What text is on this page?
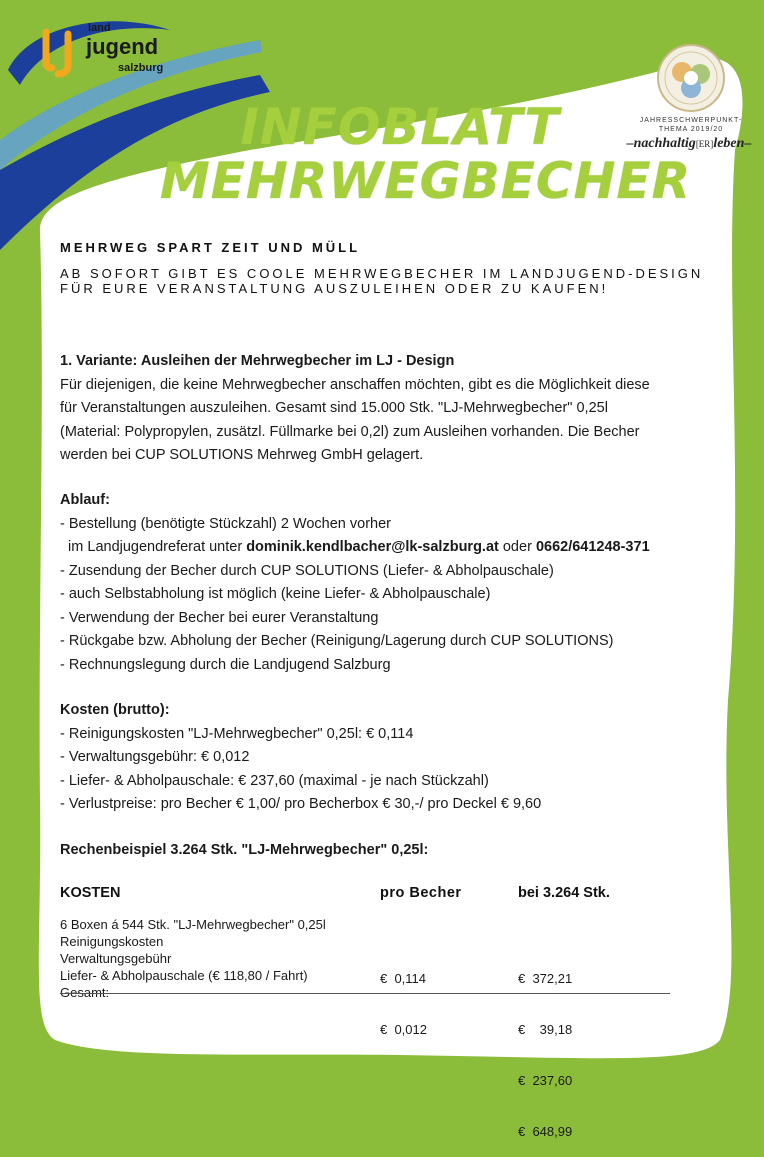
land
jugend
salzburg
INFOBLATT
MEHRWEGBECHER
JAHRESSCHWERPUNKT-
THEMA 2019/20
–nachhaltig[ER]leben–
MEHRWEG SPART ZEIT UND MÜLL
AB SOFORT GIBT ES COOLE MEHRWEGBECHER IM LANDJUGEND-DESIGN FÜR EURE VERANSTALTUNG AUSZULEIHEN ODER ZU KAUFEN!
1. Variante: Ausleihen der Mehrwegbecher im LJ - Design
Für diejenigen, die keine Mehrwegbecher anschaffen möchten, gibt es die Möglichkeit diese
für Veranstaltungen auszuleihen. Gesamt sind 15.000 Stk. "LJ-Mehrwegbecher" 0,25l
(Material: Polypropylen, zusätzl. Füllmarke bei 0,2l) zum Ausleihen vorhanden. Die Becher
werden bei CUP SOLUTIONS Mehrweg GmbH gelagert.
Ablauf:
- Bestellung (benötigte Stückzahl) 2 Wochen vorher
im Landjugendreferat unter dominik.kendlbacher@lk-salzburg.at oder 0662/641248-371
- Zusendung der Becher durch CUP SOLUTIONS (Liefer- & Abholpauschale)
- auch Selbstabholung ist möglich (keine Liefer- & Abholpauschale)
- Verwendung der Becher bei eurer Veranstaltung
- Rückgabe bzw. Abholung der Becher (Reinigung/Lagerung durch CUP SOLUTIONS)
- Rechnungslegung durch die Landjugend Salzburg
Kosten (brutto):
- Reinigungskosten "LJ-Mehrwegbecher" 0,25l: € 0,114
- Verwaltungsgebühr: € 0,012
- Liefer- & Abholpauschale: € 237,60 (maximal - je nach Stückzahl)
- Verlustpreise: pro Becher € 1,00/ pro Becherbox € 30,-/ pro Deckel € 9,60
Rechenbeispiel 3.264 Stk. "LJ-Mehrwegbecher" 0,25l:
KOSTEN	pro Becher	bei 3.264 Stk.
6 Boxen á 544 Stk. "LJ-Mehrwegbecher" 0,25l
Reinigungskosten
Verwaltungsgebühr
Liefer- & Abholpauschale (€ 118,80 / Fahrt)
Gesamt:

€  0,114

€  0,012

€  372,21

€    39,18

€  237,60

€  648,99
